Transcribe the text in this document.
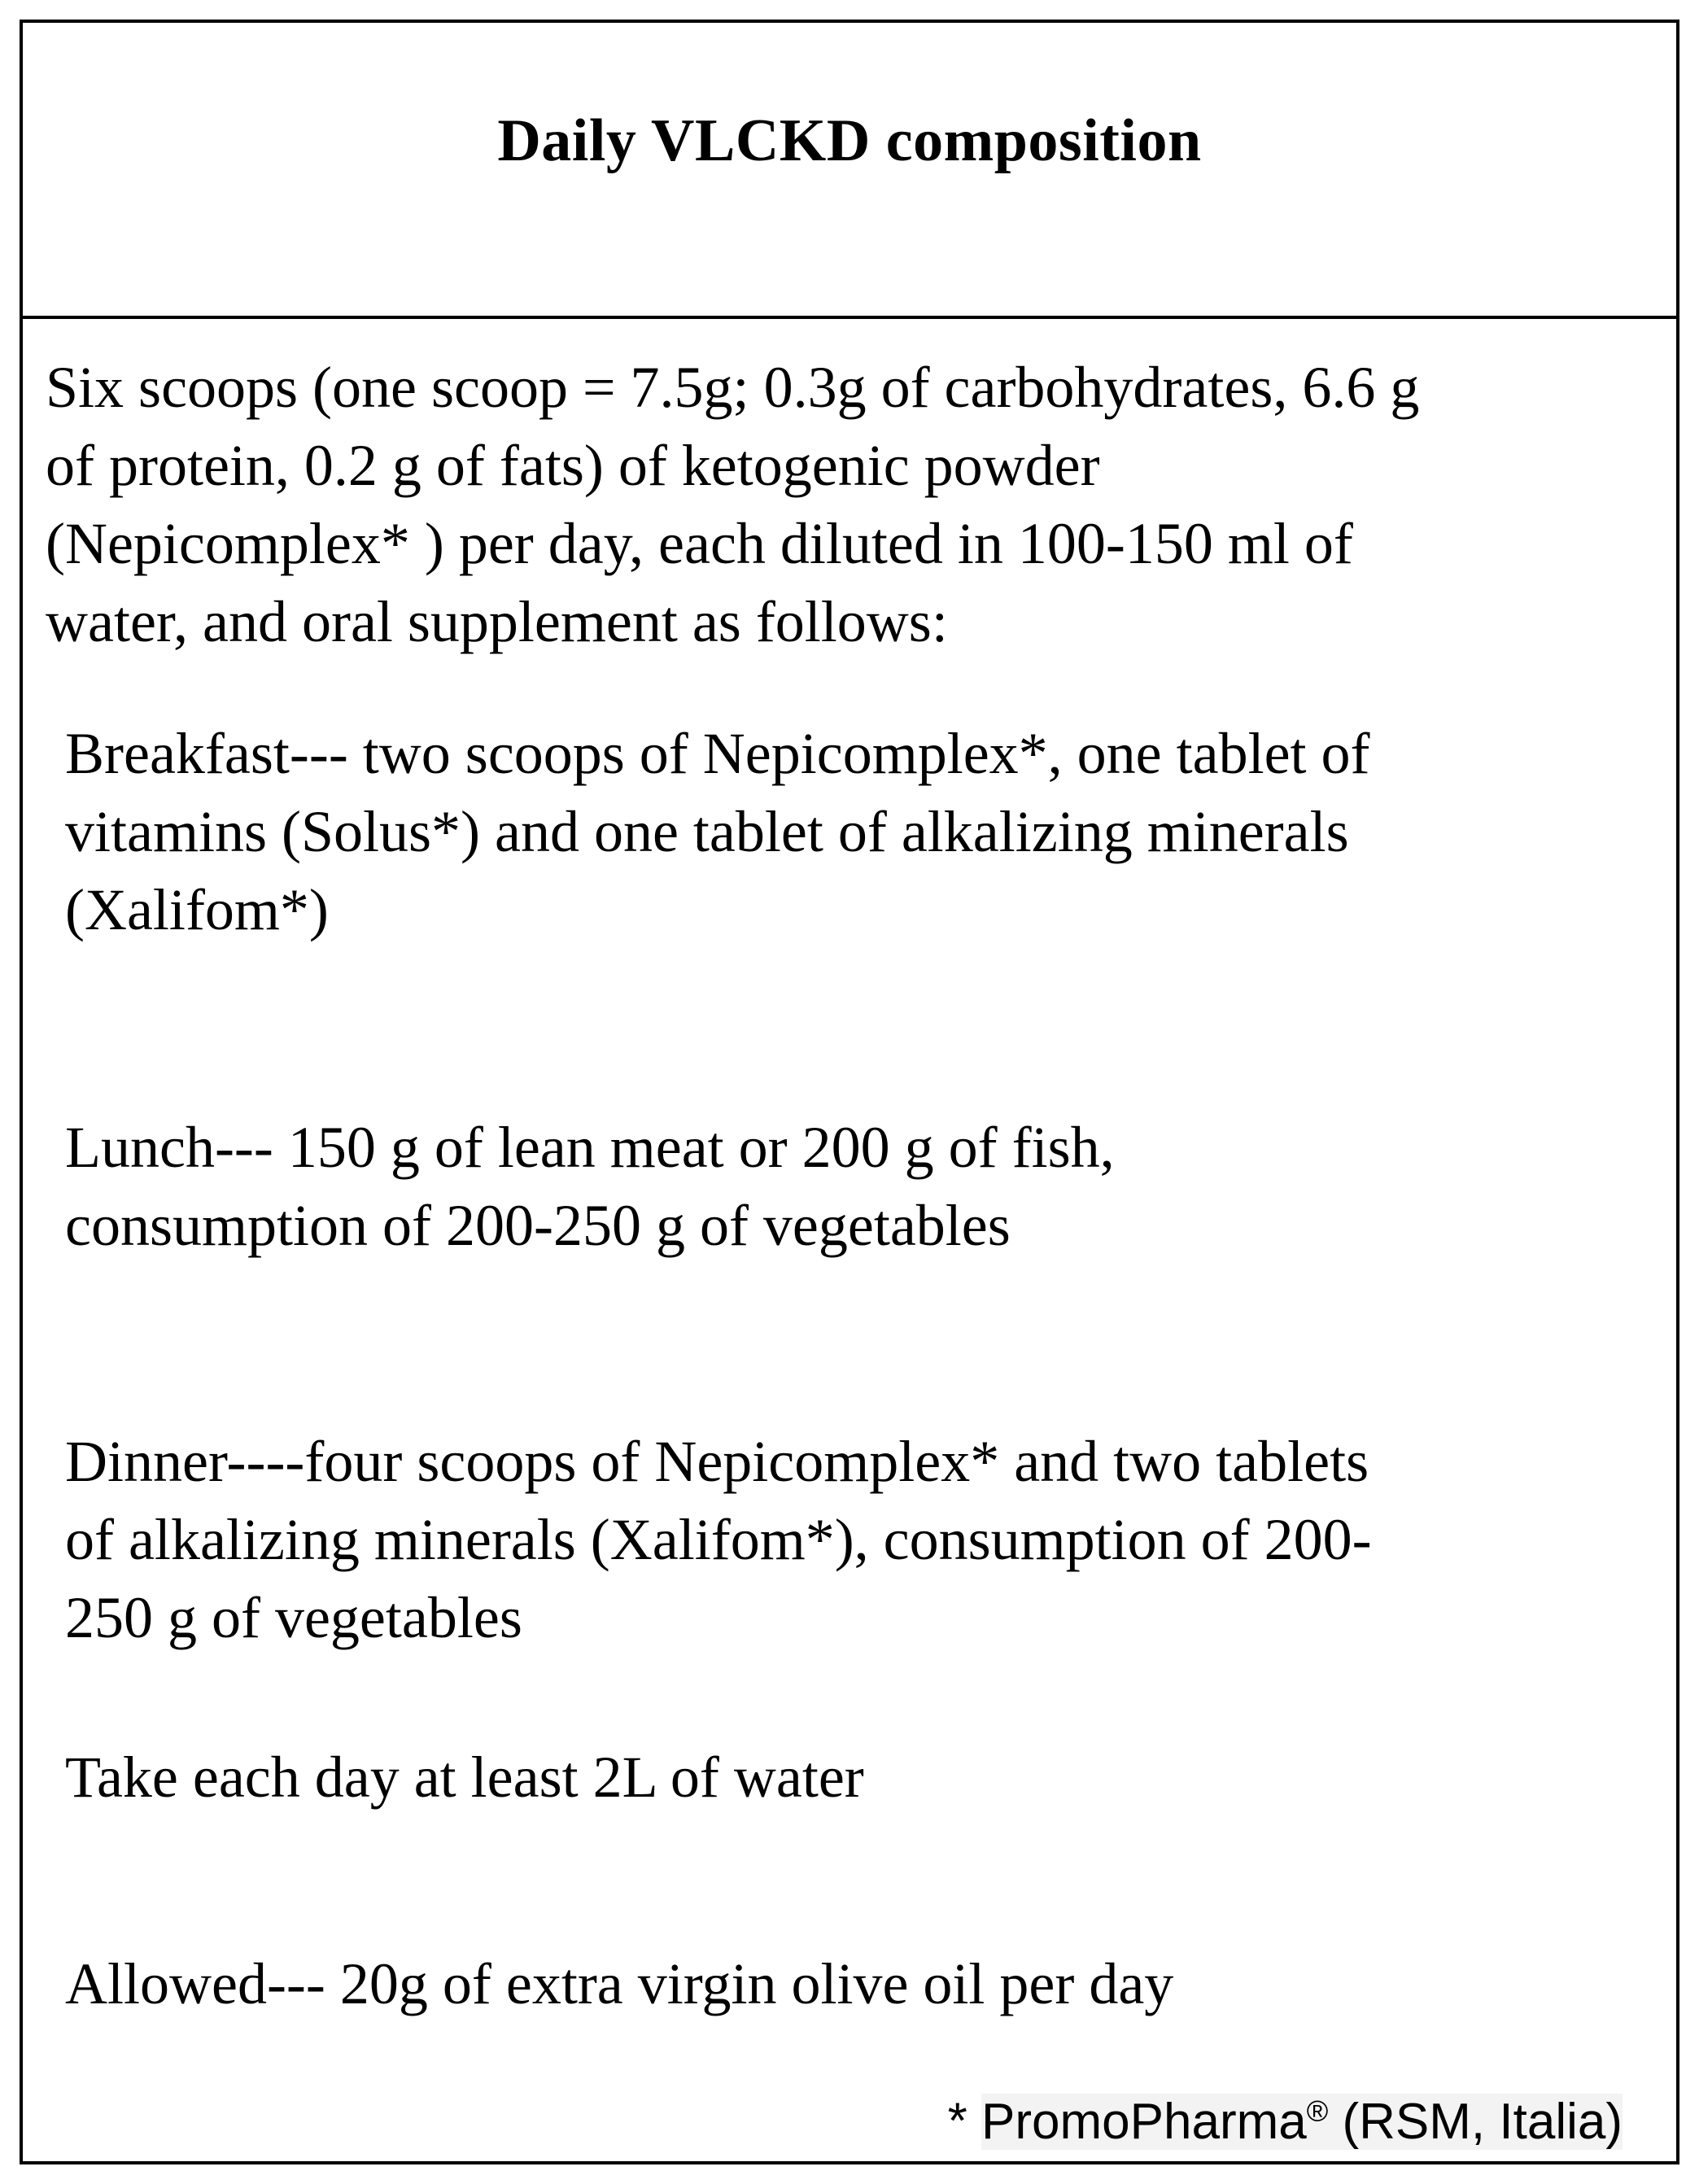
Daily VLCKD composition
Six scoops (one scoop = 7.5g; 0.3g of carbohydrates, 6.6 g
of protein, 0.2 g of fats) of ketogenic powder
(Nepicomplex* ) per day, each diluted in 100-150 ml of
water, and oral supplement as follows:
Breakfast--- two scoops of Nepicomplex*, one tablet of
vitamins (Solus*) and one tablet of alkalizing minerals
(Xalifom*)
Lunch--- 150 g of lean meat or 200 g of fish,
consumption of 200-250 g of vegetables
Dinner----four scoops of Nepicomplex* and two tablets
of alkalizing minerals (Xalifom*), consumption of 200-
250 g of vegetables
Take each day at least 2L of water
Allowed--- 20g of extra virgin olive oil per day
* PromoPharma® (RSM, Italia)
